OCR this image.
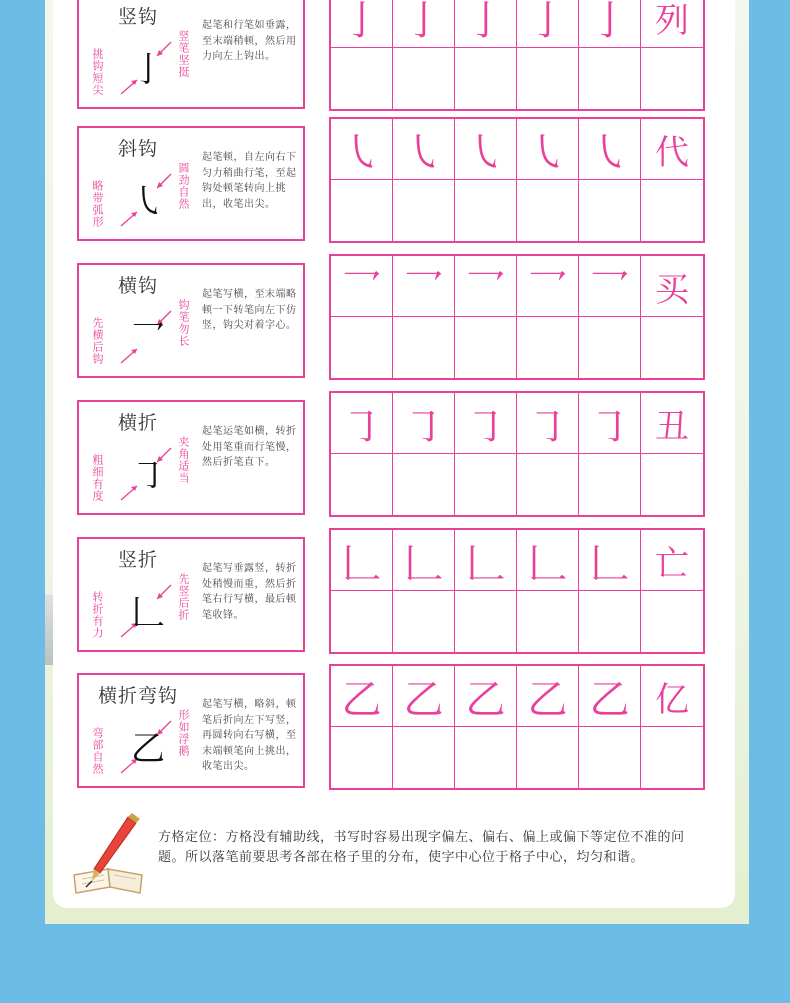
竖钩
挑钩短尖	竖笔坚挺
亅
起笔和行笔如垂露，至末端稍顿，然后用力向左上钩出。
亅 亅 亅 亅 亅 列
斜钩
略带弧形	圆劲自然
㇂
起笔顿，自左向右下匀力稍曲行笔，至起钩处顿笔转向上挑出，收笔出尖。
㇂ ㇂ ㇂ ㇂ ㇂ 代
横钩
先横后钩	钩笔勿长
乛
起笔写横，至末端略顿一下转笔向左下仿竖，钩尖对着字心。
乛 乛 乛 乛 乛 买
横折
粗细有度	夹角适当
㇆
起笔运笔如横，转折处用笔重而行笔慢，然后折笔直下。
㇆ ㇆ ㇆ ㇆ ㇆ 丑
竖折
转折有力	先竖后折
𠃊
起笔写垂露竖，转折处稍慢而重，然后折笔右行写横，最后顿笔收锋。
𠃊 𠃊 𠃊 𠃊 𠃊 亡
横折弯钩
弯部自然	形如浮鹅
乙
起笔写横，略斜，顿笔后折向左下写竖，再圆转向右写横，至末端顿笔向上挑出，收笔出尖。
乙 乙 乙 乙 乙 亿
方格定位：方格没有辅助线，书写时容易出现字偏左、偏右、偏上或偏下等定位不准的问题。所以落笔前要思考各部在格子里的分布，使字中心位于格子中心，均匀和谐。
